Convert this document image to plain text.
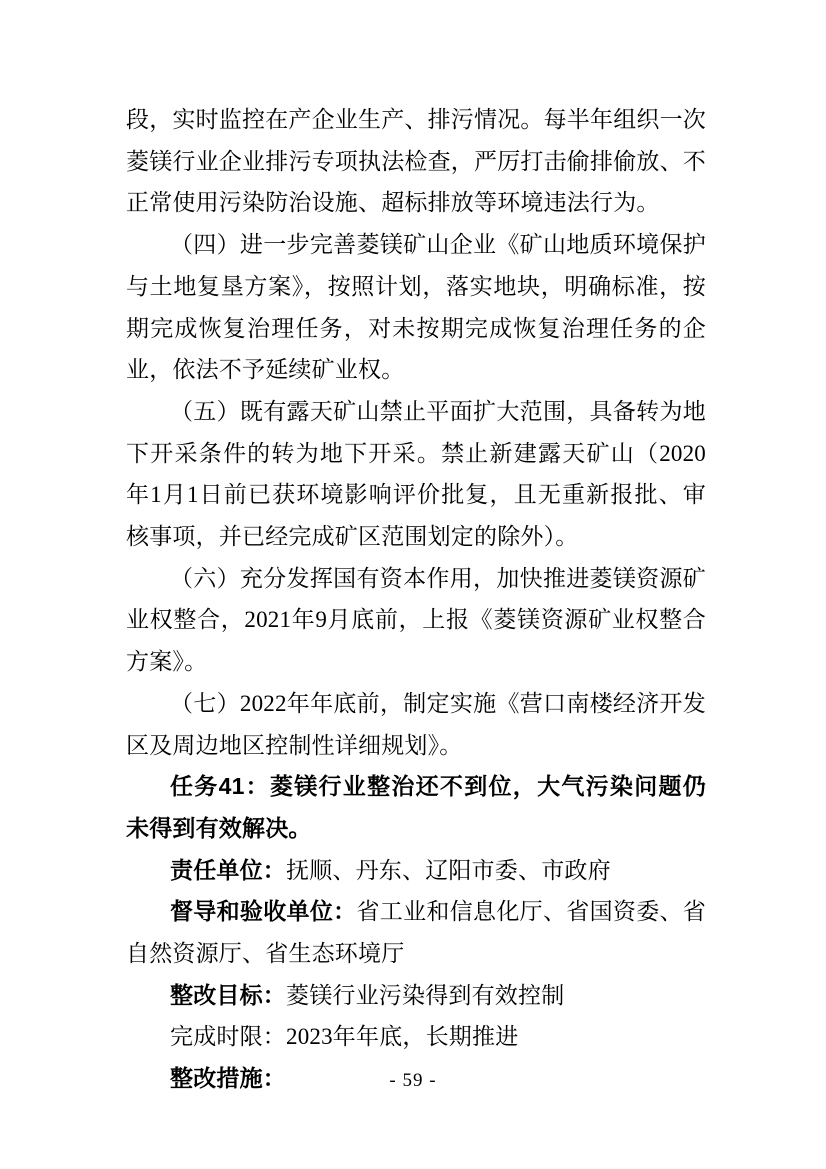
段，实时监控在产企业生产、排污情况。每半年组织一次菱镁行业企业排污专项执法检查，严厉打击偷排偷放、不正常使用污染防治设施、超标排放等环境违法行为。

（四）进一步完善菱镁矿山企业《矿山地质环境保护与土地复垦方案》，按照计划，落实地块，明确标准，按期完成恢复治理任务，对未按期完成恢复治理任务的企业，依法不予延续矿业权。

（五）既有露天矿山禁止平面扩大范围，具备转为地下开采条件的转为地下开采。禁止新建露天矿山（2020年1月1日前已获环境影响评价批复，且无重新报批、审核事项，并已经完成矿区范围划定的除外）。

（六）充分发挥国有资本作用，加快推进菱镁资源矿业权整合，2021年9月底前，上报《菱镁资源矿业权整合方案》。

（七）2022年年底前，制定实施《营口南楼经济开发区及周边地区控制性详细规划》。

任务41：菱镁行业整治还不到位，大气污染问题仍未得到有效解决。

责任单位：抚顺、丹东、辽阳市委、市政府

督导和验收单位：省工业和信息化厅、省国资委、省自然资源厅、省生态环境厅

整改目标：菱镁行业污染得到有效控制

完成时限：2023年年底，长期推进

整改措施：	- 59 -
